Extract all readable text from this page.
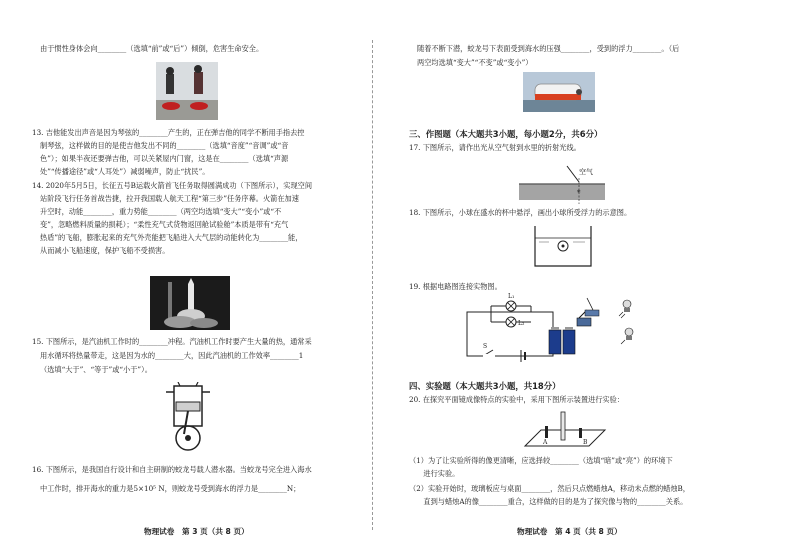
由于惯性身体会向________（选填“前”或“后”）倾倒，危害生命安全。
13. 吉他能发出声音是因为琴弦的________产生的，正在弹吉他的同学不断用手指去控
制琴弦，这样做的目的是使吉他发出不同的________（选填“音度”“音调”或“音
色”）；如果半夜还要弹吉他，可以关紧屋内门窗，这是在________（选填“声源
处”“传播途径”或“人耳处”）减弱噪声，防止“扰民”。
14. 2020年5月5日，长征五号B运载火箭首飞任务取得圆满成功（下图所示），实现空间
站阶段飞行任务首战告捷，拉开我国载人航天工程“第三步”任务序幕。火箭在加速
升空时，动能________，重力势能________（两空均选填“变大”“变小”或“不
变”，忽略燃料质量的损耗）；“柔性充气式货物返回舱试验舱”本质是带有“充气
热盾”的飞船，膨胀起来的充气外壳能把飞船进入大气层的动能转化为________能，
从而减小飞船速度，保护飞船不受损害。
15. 下图所示，是汽油机工作时的________冲程。汽油机工作时要产生大量的热，通常采
用水循环将热量带走，这是因为水的________大，因此汽油机的工作效率________1
（选填“大于”、“等于”或“小于”）。
16. 下图所示，是我国自行设计和自主研制的蛟龙号载人潜水器。当蛟龙号完全进入海水
中工作时，排开海水的重力是5×10⁵ N，则蛟龙号受到海水的浮力是________N；
物理试卷　第 3 页（共 8 页）
随着不断下潜，蛟龙号下表面受到海水的压强________，受到的浮力________。（后
两空均选填“变大”“不变”或“变小”）
三、作图题（本大题共3小题，每小题2分，共6分）
17. 下图所示，请作出光从空气射到水里的折射光线。
空气
*
18. 下图所示，小球在盛水的杯中悬浮，画出小球所受浮力的示意图。
19. 根据电路图连接实物图。
L₁
L₂
S
四、实验题（本大题共3小题，共18分）
20. 在探究平面镜成像特点的实验中，采用下图所示装置进行实验：
A	B
（1）为了让实验所得的像更清晰，应选择较________（选填“暗”或“亮”）的环境下
　　进行实验。
（2）实验开始时，玻璃板应与桌面________，然后只点燃蜡烛A，移动未点燃的蜡烛B，
　　直到与蜡烛A的像________重合，这样做的目的是为了探究像与物的________关系。
物理试卷　第 4 页（共 8 页）
